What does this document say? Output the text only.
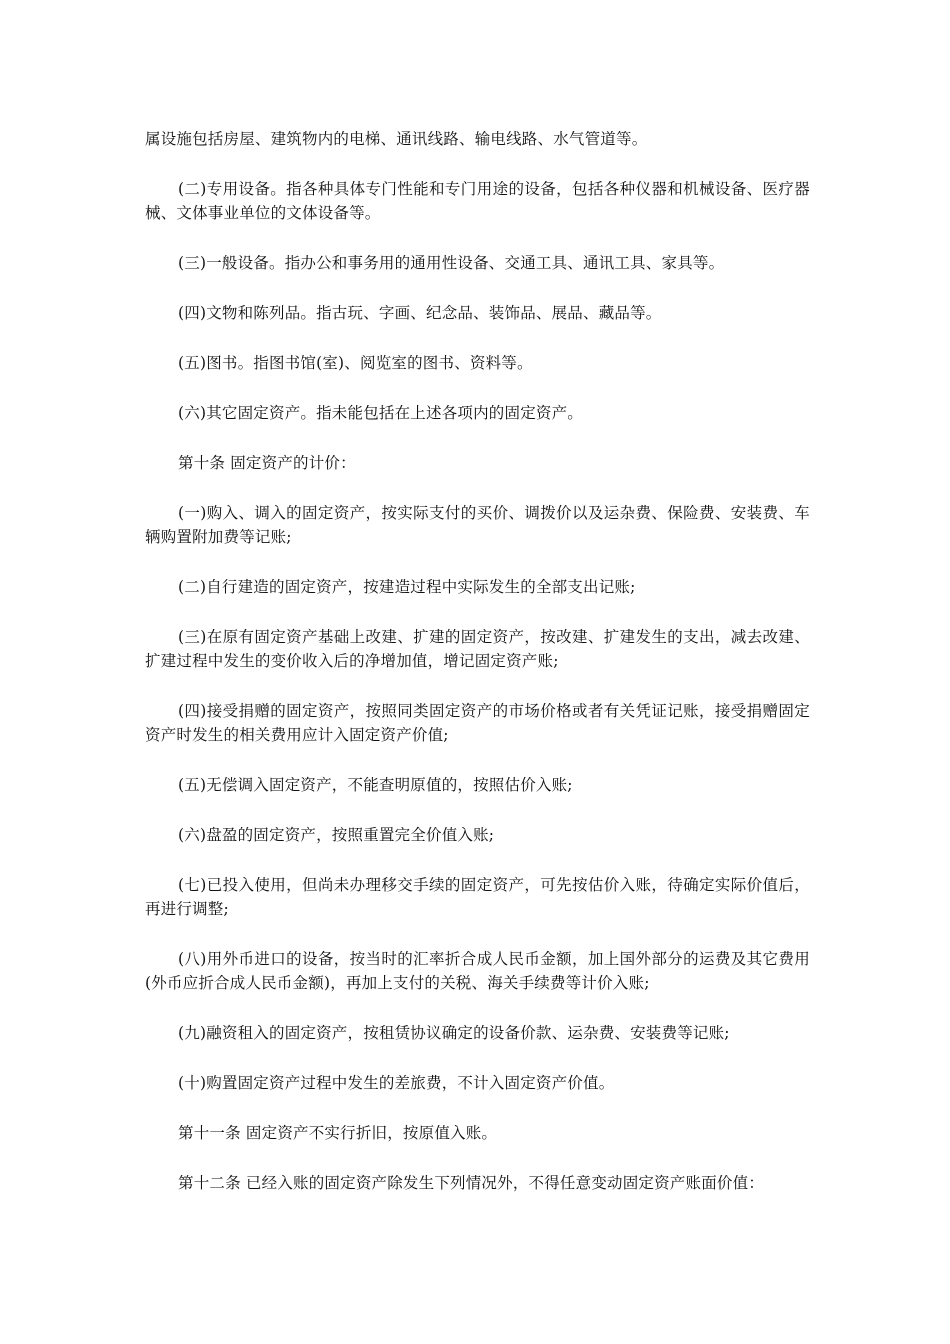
属设施包括房屋、建筑物内的电梯、通讯线路、输电线路、水气管道等。

(二)专用设备。指各种具体专门性能和专门用途的设备，包括各种仪器和机械设备、医疗器械、文体事业单位的文体设备等。

(三)一般设备。指办公和事务用的通用性设备、交通工具、通讯工具、家具等。

(四)文物和陈列品。指古玩、字画、纪念品、装饰品、展品、藏品等。

(五)图书。指图书馆(室)、阅览室的图书、资料等。

(六)其它固定资产。指未能包括在上述各项内的固定资产。

第十条 固定资产的计价：

(一)购入、调入的固定资产，按实际支付的买价、调拨价以及运杂费、保险费、安装费、车辆购置附加费等记账;

(二)自行建造的固定资产，按建造过程中实际发生的全部支出记账;

(三)在原有固定资产基础上改建、扩建的固定资产，按改建、扩建发生的支出，减去改建、扩建过程中发生的变价收入后的净增加值，增记固定资产账;

(四)接受捐赠的固定资产，按照同类固定资产的市场价格或者有关凭证记账，接受捐赠固定资产时发生的相关费用应计入固定资产价值;

(五)无偿调入固定资产，不能查明原值的，按照估价入账;

(六)盘盈的固定资产，按照重置完全价值入账;

(七)已投入使用，但尚未办理移交手续的固定资产，可先按估价入账，待确定实际价值后，再进行调整;

(八)用外币进口的设备，按当时的汇率折合成人民币金额，加上国外部分的运费及其它费用(外币应折合成人民币金额)，再加上支付的关税、海关手续费等计价入账;

(九)融资租入的固定资产，按租赁协议确定的设备价款、运杂费、安装费等记账;

(十)购置固定资产过程中发生的差旅费，不计入固定资产价值。

第十一条 固定资产不实行折旧，按原值入账。

第十二条 已经入账的固定资产除发生下列情况外，不得任意变动固定资产账面价值：
